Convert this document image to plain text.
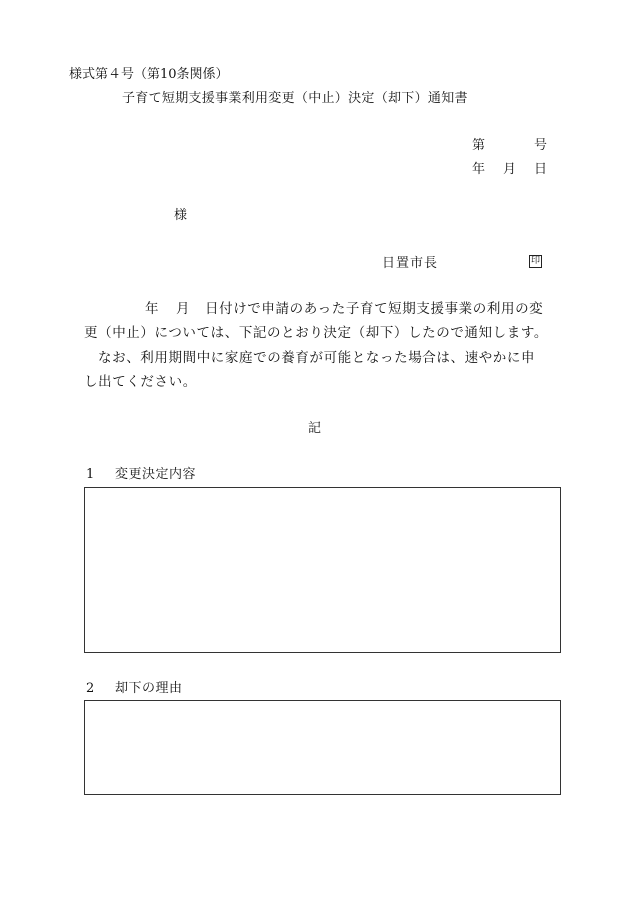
様式第４号（第10条関係）
子育て短期支援事業利用変更（中止）決定（却下）通知書
第	号
年 月 日
様
日置市長	印
年 月 日付けで申請のあった子育て短期支援事業の利用の変
更（中止）については、下記のとおり決定（却下）したので通知します。
なお、利用期間中に家庭での養育が可能となった場合は、速やかに申
し出てください。
記
1 変更決定内容
2 却下の理由
